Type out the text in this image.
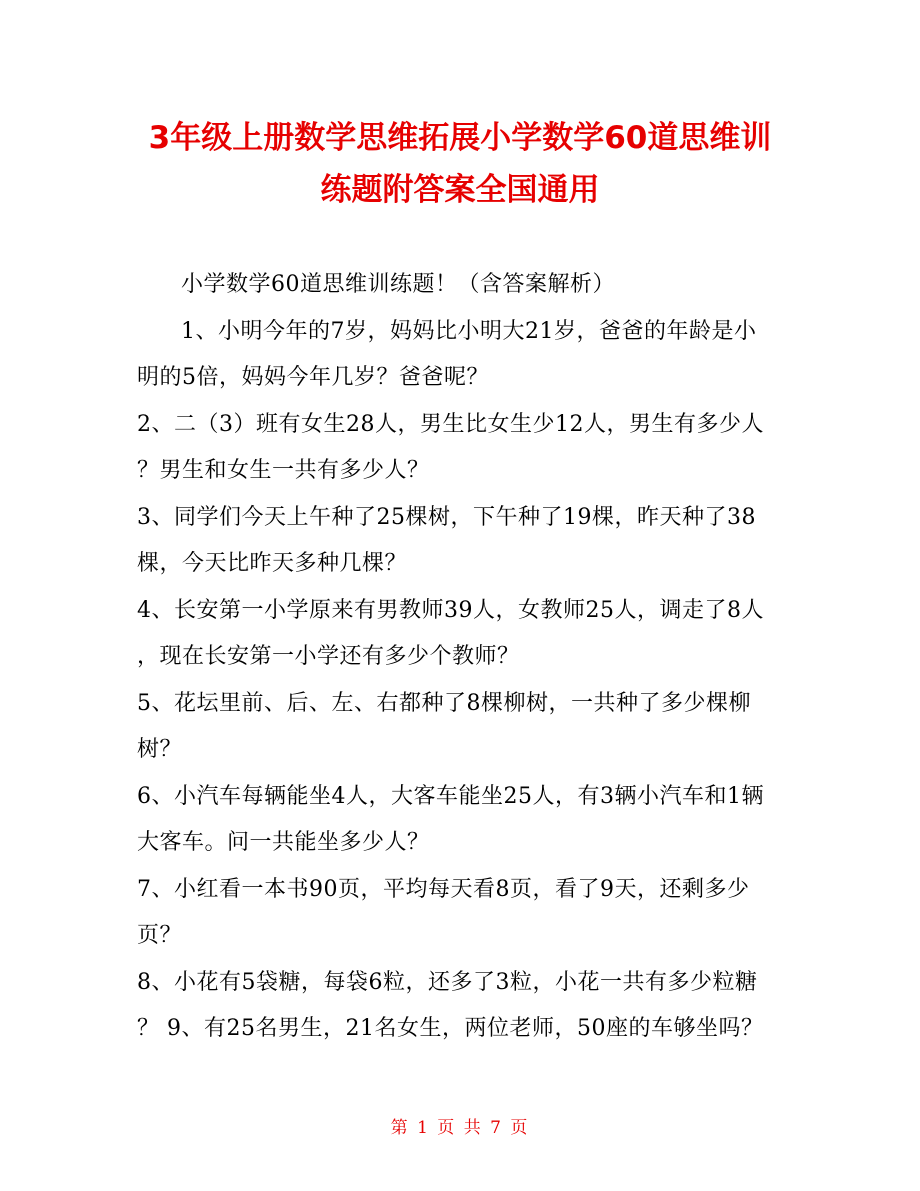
3年级上册数学思维拓展小学数学60道思维训
练题附答案全国通用
小学数学60道思维训练题！（含答案解析）
1、小明今年的7岁，妈妈比小明大21岁，爸爸的年龄是小
明的5倍，妈妈今年几岁？爸爸呢？
2、二（3）班有女生28人，男生比女生少12人，男生有多少人
？男生和女生一共有多少人？
3、同学们今天上午种了25棵树，下午种了19棵，昨天种了38
棵，今天比昨天多种几棵？
4、长安第一小学原来有男教师39人，女教师25人，调走了8人
，现在长安第一小学还有多少个教师？
5、花坛里前、后、左、右都种了8棵柳树，一共种了多少棵柳
树？
6、小汽车每辆能坐4人，大客车能坐25人，有3辆小汽车和1辆
大客车。问一共能坐多少人？
7、小红看一本书90页，平均每天看8页，看了9天，还剩多少
页？
8、小花有5袋糖，每袋6粒，还多了3粒，小花一共有多少粒糖
？ 9、有25名男生，21名女生，两位老师，50座的车够坐吗？
第 1 页 共 7 页
